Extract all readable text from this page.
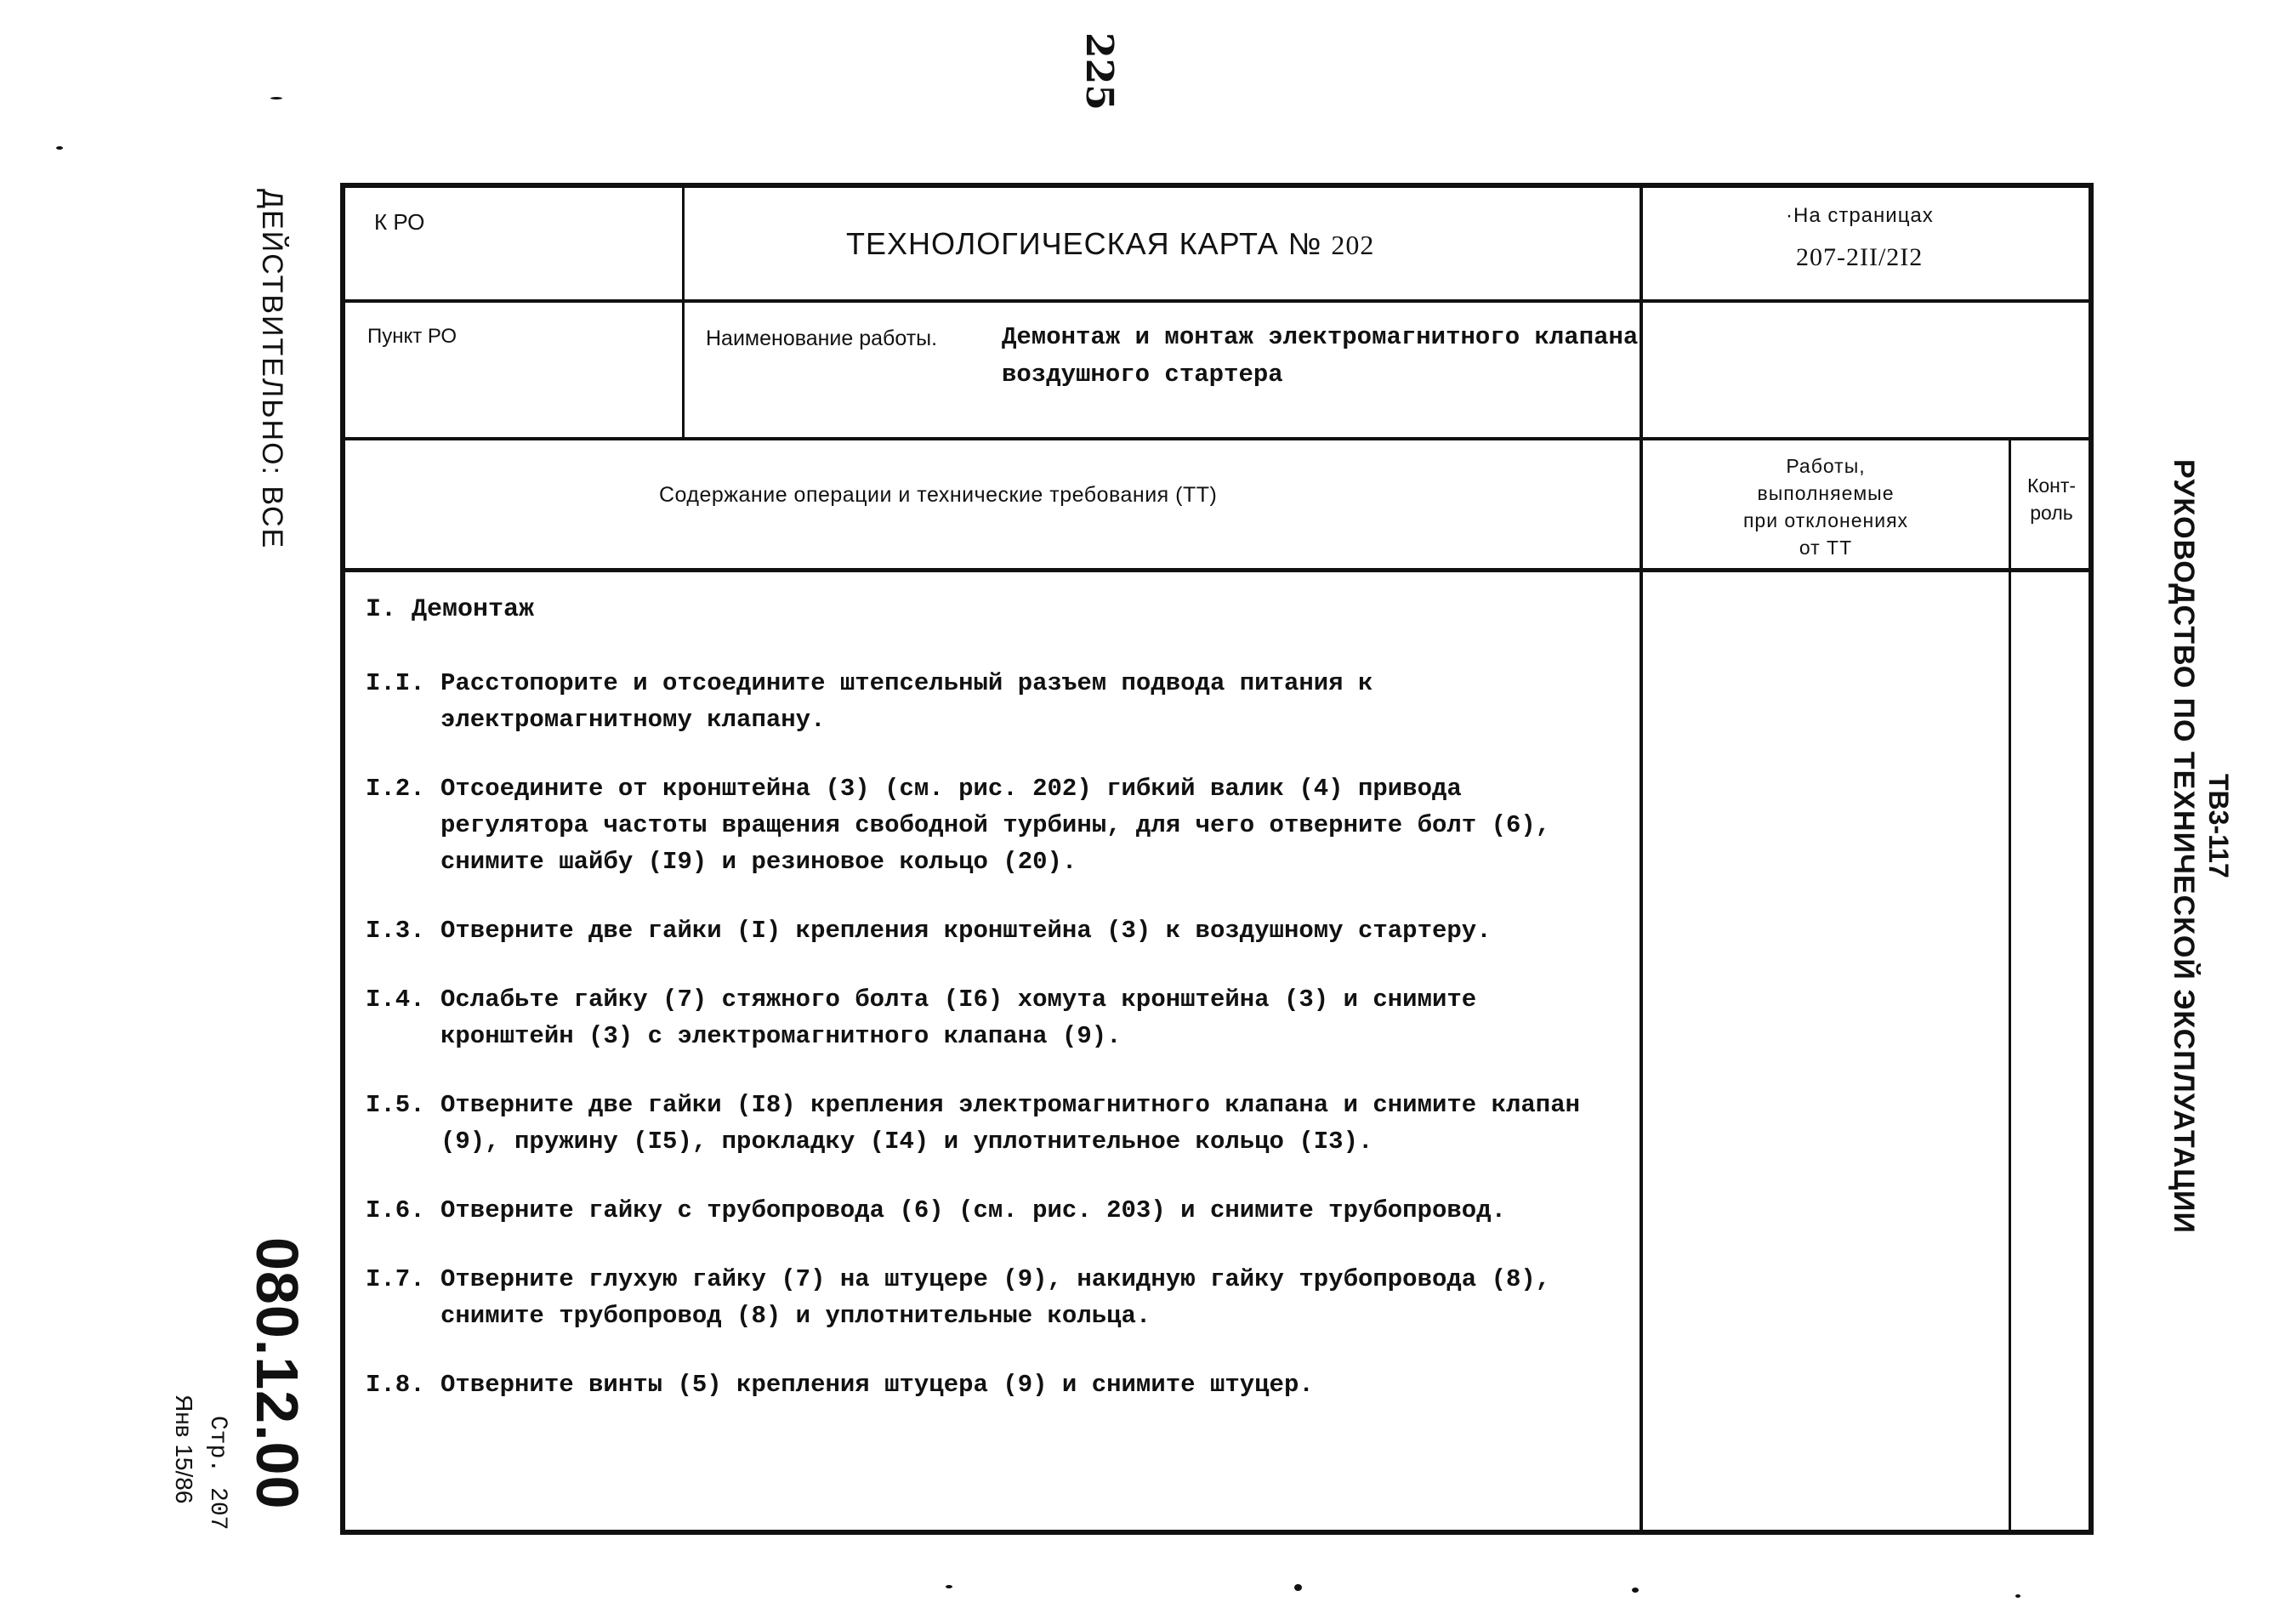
225
ДЕЙСТВИТЕЛЬНО: ВСЕ
080.12.00
Стр. 207
Янв 15/86
РУКОВОДСТВО ПО ТЕХНИЧЕСКОЙ ЭКСПЛУАТАЦИИ ТВ3-117
К РО
ТЕХНОЛОГИЧЕСКАЯ КАРТА № 202
·На страницах
207-2II/2I2
Пункт РО	Наименование работы.	Демонтаж и монтаж электромагнитного клапана
воздушного стартера
Содержание операции и технические требования (ТТ)
Работы,
выполняемые
при отклонениях
от ТТ
Конт-
роль
I. Демонтаж
I.I. Расстопорите и отсоедините штепсельный разъем подвода питания к электромагнитному клапану.
I.2. Отсоедините от кронштейна (3) (см. рис. 202) гибкий валик (4) привода регулятора частоты вращения свободной турбины, для чего отверните болт (6), снимите шайбу (I9) и резиновое кольцо (20).
I.3. Отверните две гайки (I) крепления кронштейна (3) к воздушному стартеру.
I.4. Ослабьте гайку (7) стяжного болта (I6) хомута кронштейна (3) и снимите кронштейн (3) с электромагнитного клапана (9).
I.5. Отверните две гайки (I8) крепления электромагнитного клапана и снимите клапан (9), пружину (I5), прокладку (I4) и уплотнительное кольцо (I3).
I.6. Отверните гайку с трубопровода (6) (см. рис. 203) и снимите трубопровод.
I.7. Отверните глухую гайку (7) на штуцере (9), накидную гайку трубопровода (8), снимите трубопровод (8) и уплотнительные кольца.
I.8. Отверните винты (5) крепления штуцера (9) и снимите штуцер.
